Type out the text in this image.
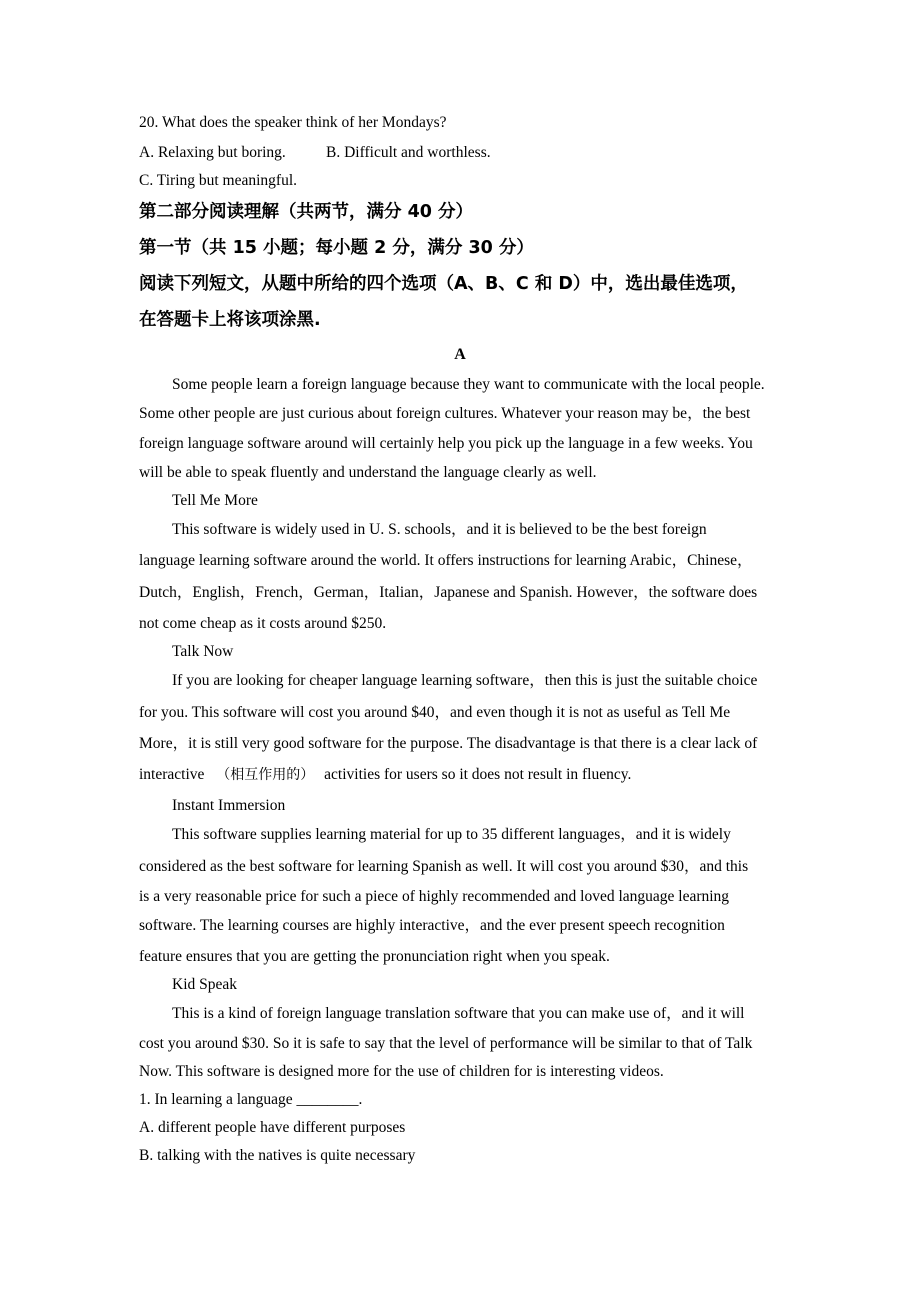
20. What does the speaker think of her Mondays?
A. Relaxing but boring.	B. Difficult and worthless.
C. Tiring but meaningful.
第二部分阅读理解（共两节，满分 40 分）
第一节（共 15 小题；每小题 2 分，满分 30 分）
阅读下列短文，从题中所给的四个选项（A、B、C 和 D）中，选出最佳选项，
在答题卡上将该项涂黑.
A
Some people learn a foreign language because they want to communicate with the local people.
Some other people are just curious about foreign cultures. Whatever your reason may be，the best
foreign language software around will certainly help you pick up the language in a few weeks. You
will be able to speak fluently and understand the language clearly as well.
Tell Me More
This software is widely used in U. S. schools，and it is believed to be the best foreign
language learning software around the world. It offers instructions for learning Arabic，Chinese，
Dutch，English，French，German，Italian，Japanese and Spanish. However，the software does
not come cheap as it costs around $250.
Talk Now
If you are looking for cheaper language learning software，then this is just the suitable choice
for you. This software will cost you around $40，and even though it is not as useful as Tell Me
More，it is still very good software for the purpose. The disadvantage is that there is a clear lack of
interactive （相互作用的） activities for users so it does not result in fluency.
Instant Immersion
This software supplies learning material for up to 35 different languages，and it is widely
considered as the best software for learning Spanish as well. It will cost you around $30，and this
is a very reasonable price for such a piece of highly recommended and loved language learning
software. The learning courses are highly interactive，and the ever present speech recognition
feature ensures that you are getting the pronunciation right when you speak.
Kid Speak
This is a kind of foreign language translation software that you can make use of，and it will
cost you around $30. So it is safe to say that the level of performance will be similar to that of Talk
Now. This software is designed more for the use of children for is interesting videos.
1. In learning a language ________.
A. different people have different purposes
B. talking with the natives is quite necessary
